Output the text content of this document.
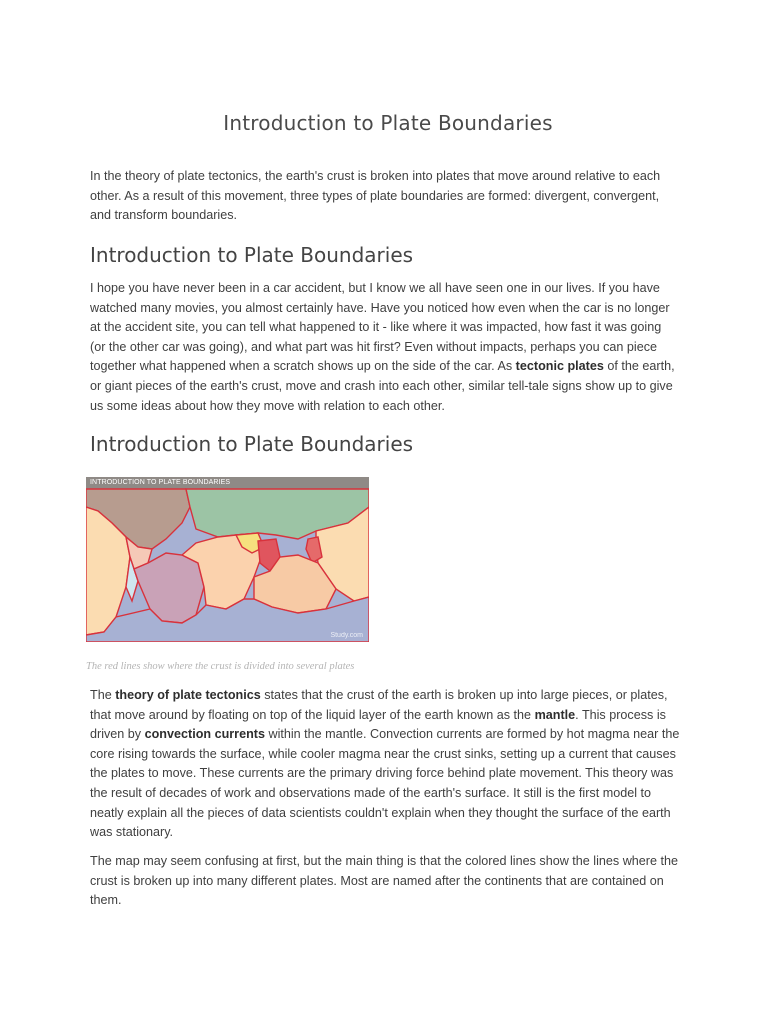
Introduction to Plate Boundaries

In the theory of plate tectonics, the earth's crust is broken into plates that move around relative to each other. As a result of this movement, three types of plate boundaries are formed: divergent, convergent, and transform boundaries.

Introduction to Plate Boundaries

I hope you have never been in a car accident, but I know we all have seen one in our lives. If you have watched many movies, you almost certainly have. Have you noticed how even when the car is no longer at the accident site, you can tell what happened to it - like where it was impacted, how fast it was going (or the other car was going), and what part was hit first? Even without impacts, perhaps you can piece together what happened when a scratch shows up on the side of the car. As tectonic plates of the earth, or giant pieces of the earth's crust, move and crash into each other, similar tell-tale signs show up to give us some ideas about how they move with relation to each other.

Introduction to Plate Boundaries
INTRODUCTION TO PLATE BOUNDARIES
Study.com

The red lines show where the crust is divided into several plates

The theory of plate tectonics states that the crust of the earth is broken up into large pieces, or plates, that move around by floating on top of the liquid layer of the earth known as the mantle. This process is driven by convection currents within the mantle. Convection currents are formed by hot magma near the core rising towards the surface, while cooler magma near the crust sinks, setting up a current that causes the plates to move. These currents are the primary driving force behind plate movement. This theory was the result of decades of work and observations made of the earth's surface. It still is the first model to neatly explain all the pieces of data scientists couldn't explain when they thought the surface of the earth was stationary.

The map may seem confusing at first, but the main thing is that the colored lines show the lines where the crust is broken up into many different plates. Most are named after the continents that are contained on them.
